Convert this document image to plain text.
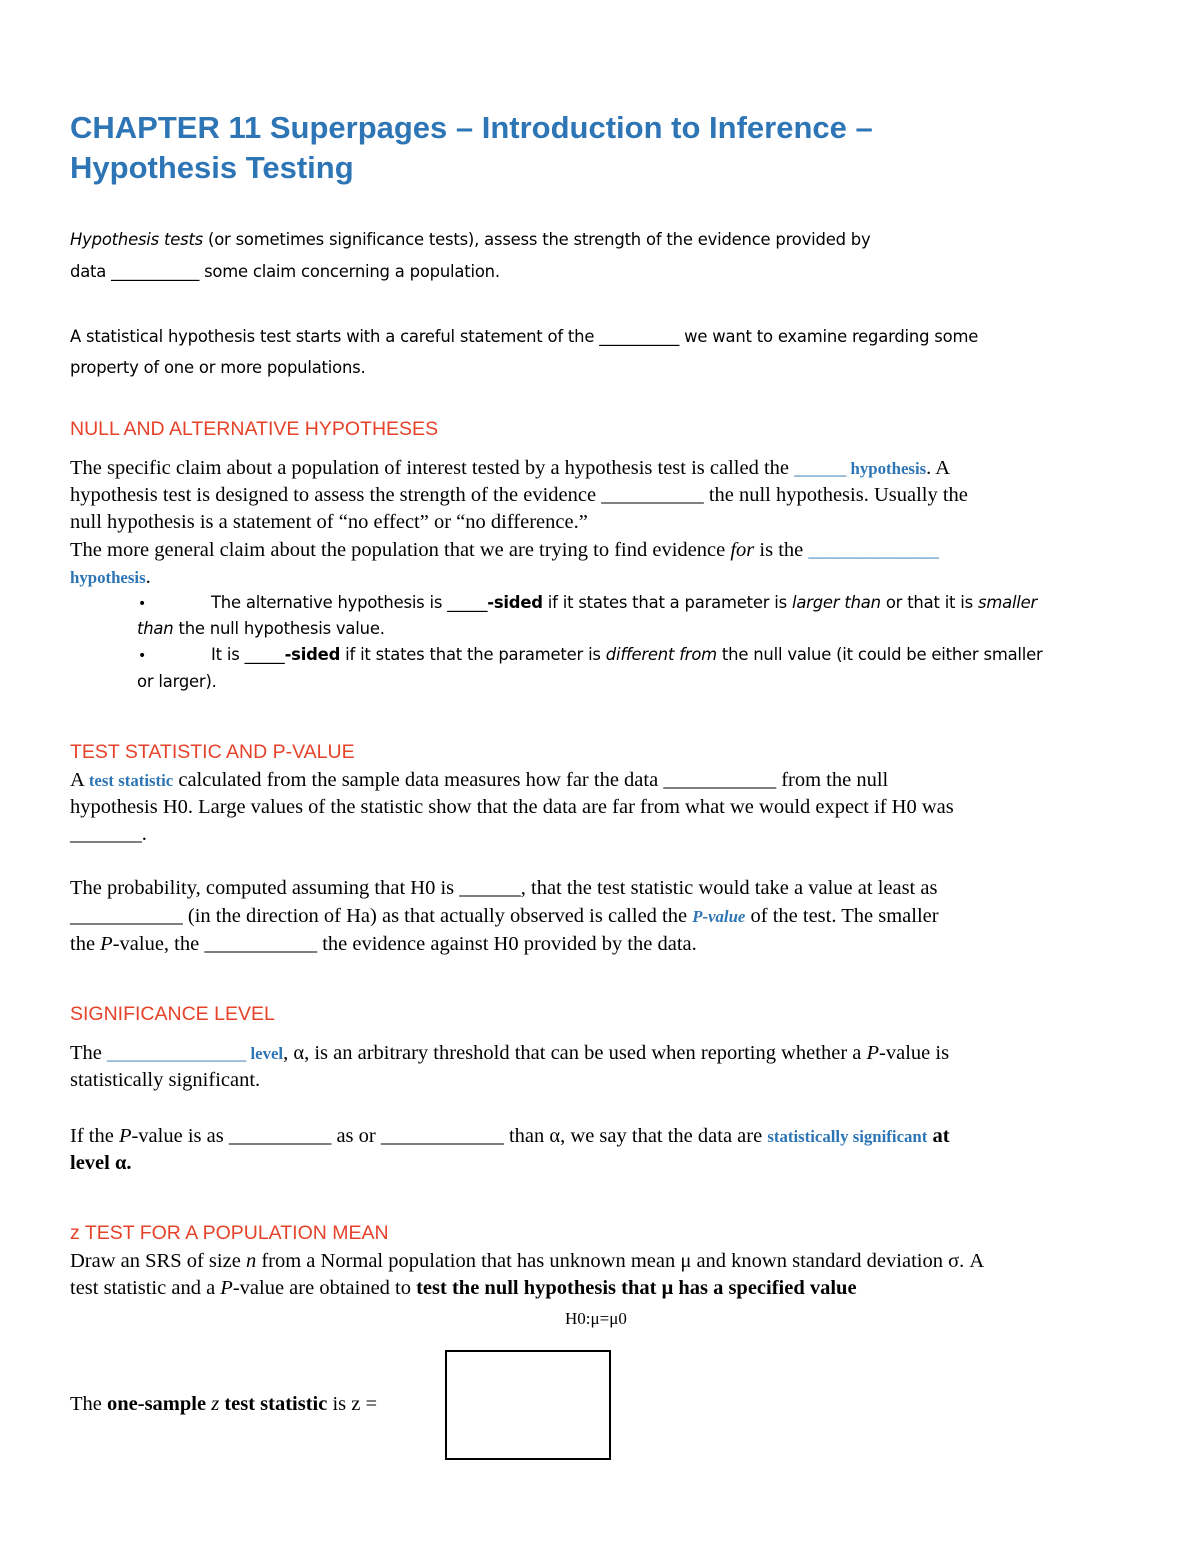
CHAPTER 11 Superpages – Introduction to Inference –
Hypothesis Testing
Hypothesis tests (or sometimes significance tests), assess the strength of the evidence provided by
data ___________ some claim concerning a population.
A statistical hypothesis test starts with a careful statement of the __________ we want to examine regarding some
property of one or more populations.
NULL AND ALTERNATIVE HYPOTHESES
The specific claim about a population of interest tested by a hypothesis test is called the ______ hypothesis. A
hypothesis test is designed to assess the strength of the evidence __________ the null hypothesis. Usually the
null hypothesis is a statement of “no effect” or “no difference.”
The more general claim about the population that we are trying to find evidence for is the _______________
hypothesis.
•	The alternative hypothesis is _____-sided if it states that a parameter is larger than or that it is smaller
than the null hypothesis value.
•	It is _____-sided if it states that the parameter is different from the null value (it could be either smaller
or larger).
TEST STATISTIC AND P-VALUE
A test statistic calculated from the sample data measures how far the data ___________ from the null
hypothesis H0. Large values of the statistic show that the data are far from what we would expect if H0 was
_______.
The probability, computed assuming that H0 is ______, that the test statistic would take a value at least as
___________ (in the direction of Ha) as that actually observed is called the P-value of the test. The smaller
the P-value, the ___________ the evidence against H0 provided by the data.
SIGNIFICANCE LEVEL
The ________________ level, α, is an arbitrary threshold that can be used when reporting whether a P-value is
statistically significant.
If the P-value is as __________ as or ____________ than α, we say that the data are statistically significant at
level α.
z TEST FOR A POPULATION MEAN
Draw an SRS of size n from a Normal population that has unknown mean μ and known standard deviation σ. A
test statistic and a P-value are obtained to test the null hypothesis that μ has a specified value
H0:μ=μ0
The one-sample z test statistic is z =
